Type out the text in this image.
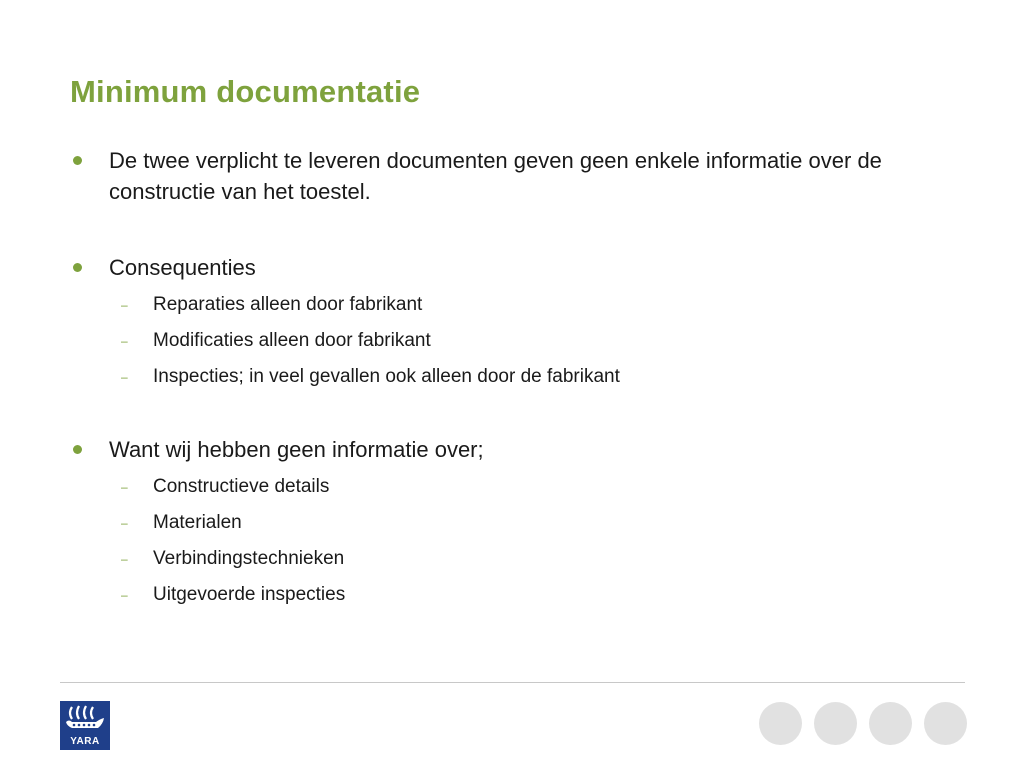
Minimum documentatie
De twee verplicht te leveren documenten geven geen enkele informatie over de constructie van het toestel.
Consequenties
– Reparaties alleen door fabrikant
– Modificaties alleen door fabrikant
– Inspecties; in veel gevallen ook alleen door de fabrikant
Want wij hebben geen informatie over;
– Constructieve details
– Materialen
– Verbindingstechnieken
– Uitgevoerde inspecties
YARA
